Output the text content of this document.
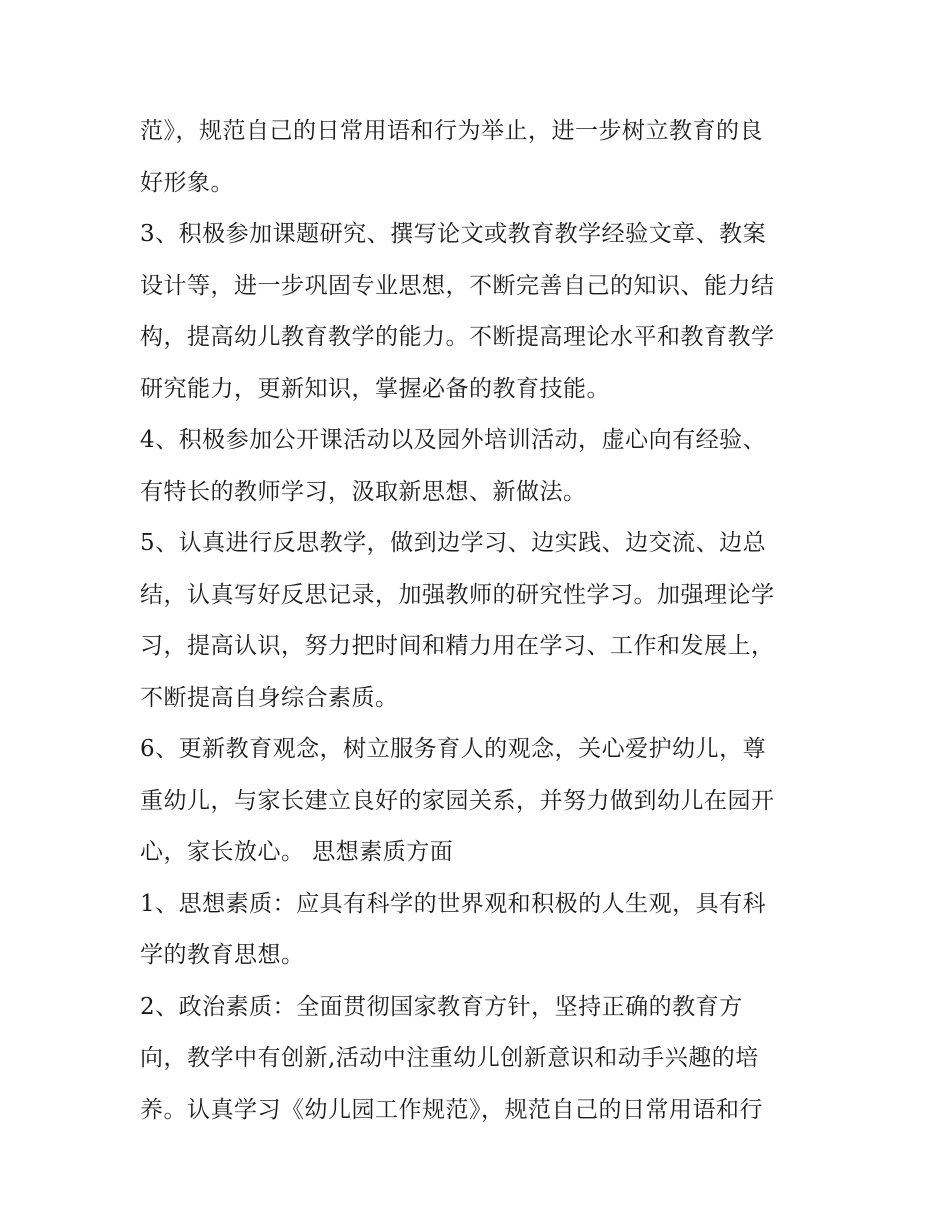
范》，规范自己的日常用语和行为举止，进一步树立教育的良
好形象。
3、积极参加课题研究、撰写论文或教育教学经验文章、教案
设计等，进一步巩固专业思想，不断完善自己的知识、能力结
构，提高幼儿教育教学的能力。不断提高理论水平和教育教学
研究能力，更新知识，掌握必备的教育技能。
4、积极参加公开课活动以及园外培训活动，虚心向有经验、
有特长的教师学习，汲取新思想、新做法。
5、认真进行反思教学，做到边学习、边实践、边交流、边总
结，认真写好反思记录，加强教师的研究性学习。加强理论学
习，提高认识，努力把时间和精力用在学习、工作和发展上，
不断提高自身综合素质。
6、更新教育观念，树立服务育人的观念，关心爱护幼儿，尊
重幼儿，与家长建立良好的家园关系，并努力做到幼儿在园开
心，家长放心。 思想素质方面
1、思想素质：应具有科学的世界观和积极的人生观，具有科
学的教育思想。
2、政治素质：全面贯彻国家教育方针，坚持正确的教育方
向，教学中有创新,活动中注重幼儿创新意识和动手兴趣的培
养。认真学习《幼儿园工作规范》，规范自己的日常用语和行
